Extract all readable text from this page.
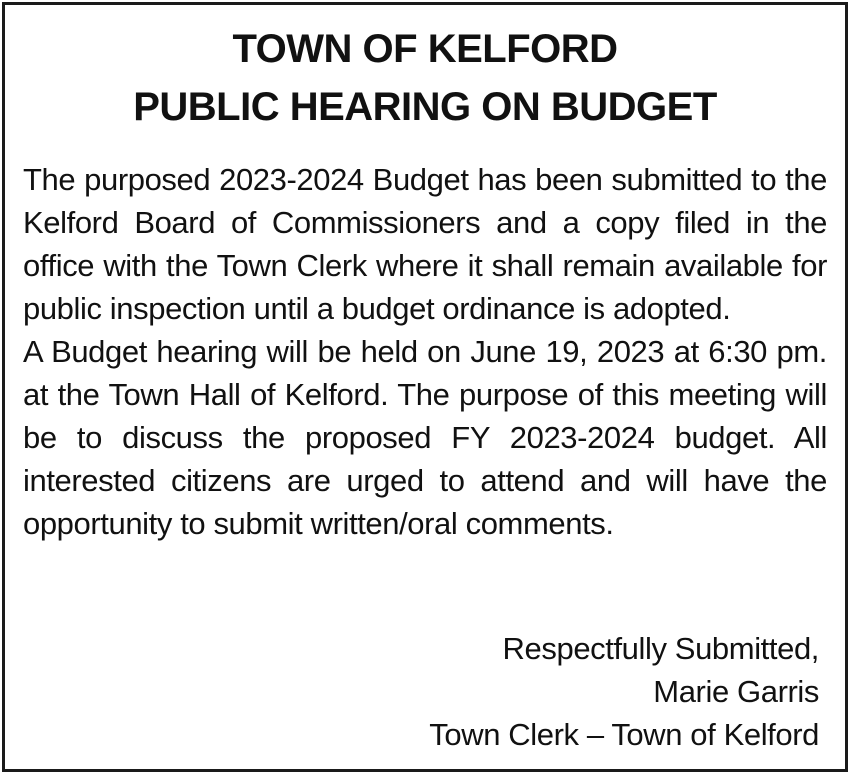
TOWN OF KELFORD
PUBLIC HEARING ON BUDGET

The purposed 2023-2024 Budget has been submitted to the Kelford Board of Commissioners and a copy filed in the office with the Town Clerk where it shall remain available for public inspection until a budget ordinance is adopted.

A Budget hearing will be held on June 19, 2023 at 6:30 pm. at the Town Hall of Kelford. The purpose of this meeting will be to discuss the proposed FY 2023-2024 budget. All interested citizens are urged to attend and will have the opportunity to submit written/oral comments.

Respectfully Submitted,
Marie Garris
Town Clerk – Town of Kelford
